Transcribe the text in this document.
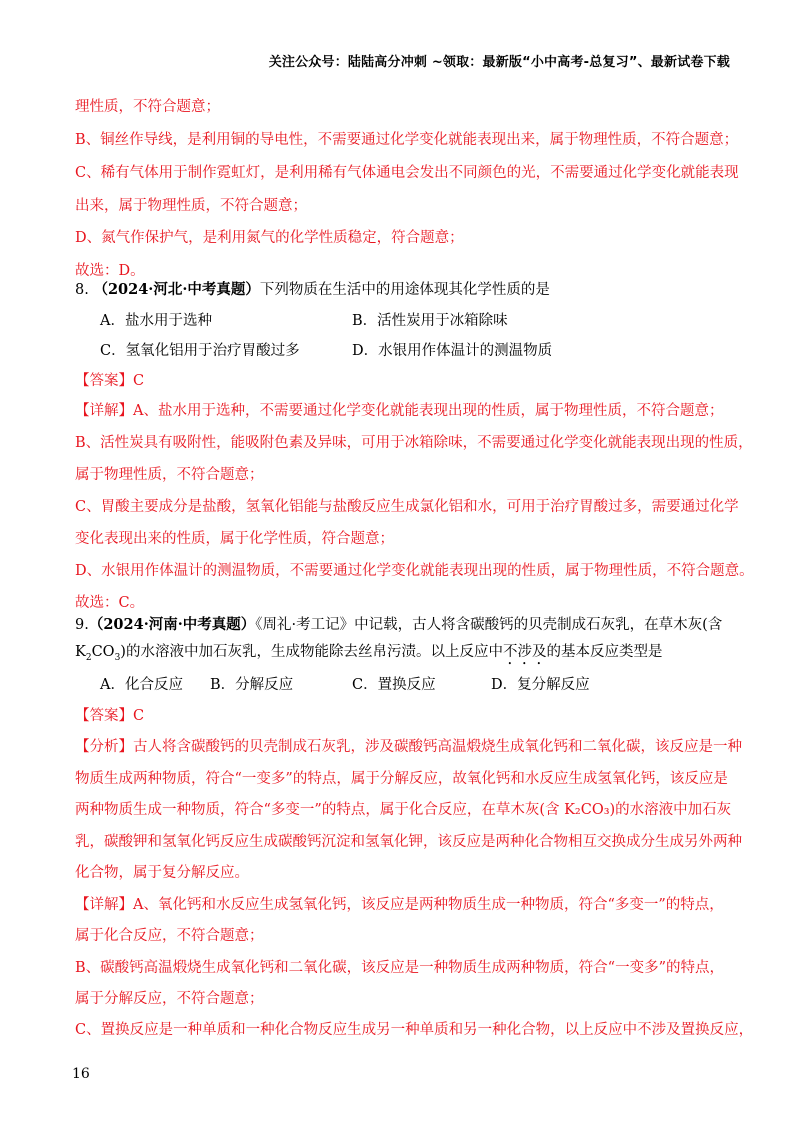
关注公众号：陆陆高分冲刺 ~领取：最新版“小中高考-总复习”、最新试卷下载
理性质，不符合题意；
B、铜丝作导线，是利用铜的导电性，不需要通过化学变化就能表现出来，属于物理性质，不符合题意；
C、稀有气体用于制作霓虹灯，是利用稀有气体通电会发出不同颜色的光，不需要通过化学变化就能表现
出来，属于物理性质，不符合题意；
D、氮气作保护气，是利用氮气的化学性质稳定，符合题意；
故选：D。
8. （2024·河北·中考真题）下列物质在生活中的用途体现其化学性质的是
A．盐水用于选种	B．活性炭用于冰箱除味
C．氢氧化铝用于治疗胃酸过多	D．水银用作体温计的测温物质
【答案】C
【详解】A、盐水用于选种，不需要通过化学变化就能表现出现的性质，属于物理性质，不符合题意；
B、活性炭具有吸附性，能吸附色素及异味，可用于冰箱除味，不需要通过化学变化就能表现出现的性质，
属于物理性质，不符合题意；
C、胃酸主要成分是盐酸，氢氧化铝能与盐酸反应生成氯化铝和水，可用于治疗胃酸过多，需要通过化学
变化表现出来的性质，属于化学性质，符合题意；
D、水银用作体温计的测温物质，不需要通过化学变化就能表现出现的性质，属于物理性质，不符合题意。
故选：C。
9.（2024·河南·中考真题）《周礼·考工记》中记载，古人将含碳酸钙的贝壳制成石灰乳，在草木灰(含
$K_2CO_3$)的水溶液中加石灰乳，生成物能除去丝帛污渍。以上反应中不涉及的基本反应类型是
A．化合反应 B．分解反应	C．置换反应	D．复分解反应
【答案】C
【分析】古人将含碳酸钙的贝壳制成石灰乳，涉及碳酸钙高温煅烧生成氧化钙和二氧化碳，该反应是一种
物质生成两种物质，符合“一变多”的特点，属于分解反应，故氧化钙和水反应生成氢氧化钙，该反应是
两种物质生成一种物质，符合“多变一”的特点，属于化合反应，在草木灰(含 K₂CO₃)的水溶液中加石灰
乳，碳酸钾和氢氧化钙反应生成碳酸钙沉淀和氢氧化钾，该反应是两种化合物相互交换成分生成另外两种
化合物，属于复分解反应。
【详解】A、氧化钙和水反应生成氢氧化钙，该反应是两种物质生成一种物质，符合“多变一”的特点，
属于化合反应，不符合题意；
B、碳酸钙高温煅烧生成氧化钙和二氧化碳，该反应是一种物质生成两种物质，符合“一变多”的特点，
属于分解反应，不符合题意；
C、置换反应是一种单质和一种化合物反应生成另一种单质和另一种化合物，以上反应中不涉及置换反应，
16
